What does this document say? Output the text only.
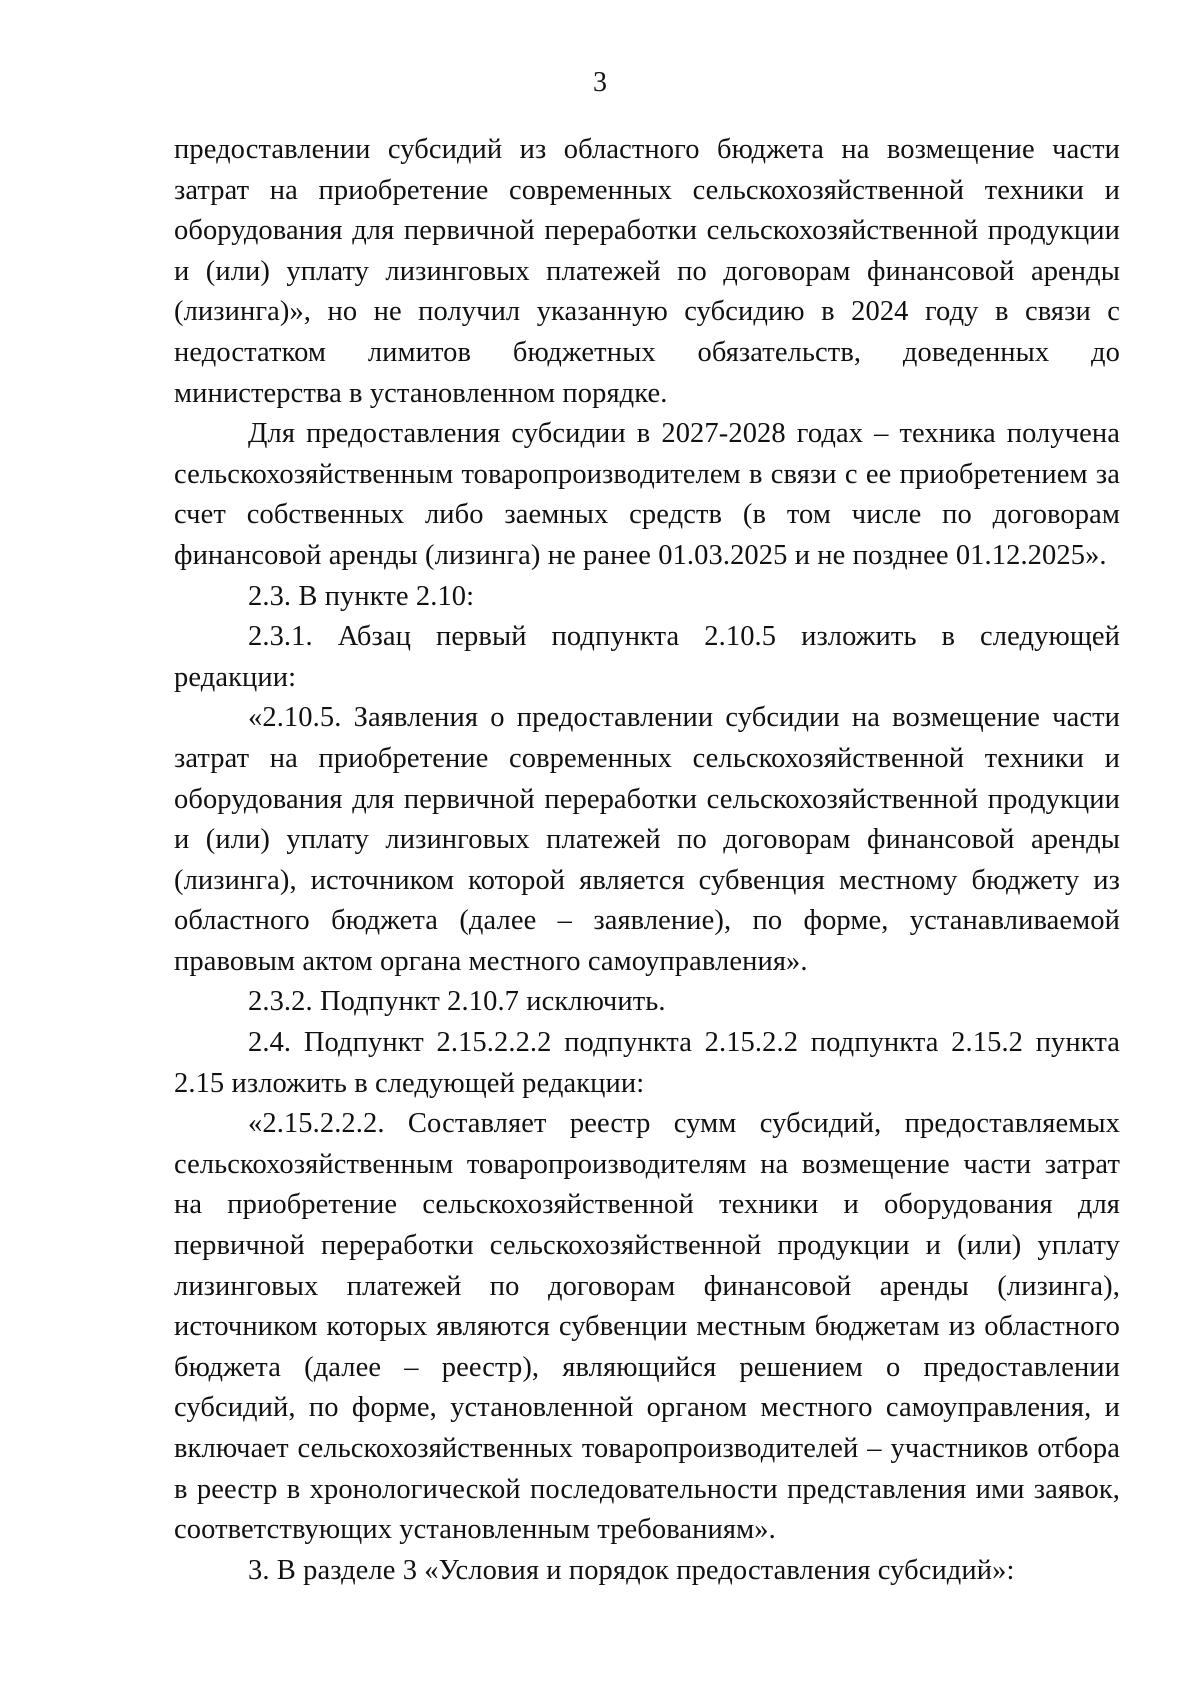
3

предоставлении субсидий из областного бюджета на возмещение части затрат на приобретение современных сельскохозяйственной техники и оборудования для первичной переработки сельскохозяйственной продукции и (или) уплату лизинговых платежей по договорам финансовой аренды (лизинга)», но не получил указанную субсидию в 2024 году в связи с недостатком лимитов бюджетных обязательств, доведенных до министерства в установленном порядке.

Для предоставления субсидии в 2027-2028 годах – техника получена сельскохозяйственным товаропроизводителем в связи с ее приобретением за счет собственных либо заемных средств (в том числе по договорам финансовой аренды (лизинга) не ранее 01.03.2025 и не позднее 01.12.2025».

2.3. В пункте 2.10:

2.3.1. Абзац первый подпункта 2.10.5 изложить в следующей редакции:

«2.10.5. Заявления о предоставлении субсидии на возмещение части затрат на приобретение современных сельскохозяйственной техники и оборудования для первичной переработки сельскохозяйственной продукции и (или) уплату лизинговых платежей по договорам финансовой аренды (лизинга), источником которой является субвенция местному бюджету из областного бюджета (далее – заявление), по форме, устанавливаемой правовым актом органа местного самоуправления».

2.3.2. Подпункт 2.10.7 исключить.

2.4. Подпункт 2.15.2.2.2 подпункта 2.15.2.2 подпункта 2.15.2 пункта 2.15 изложить в следующей редакции:

«2.15.2.2.2. Составляет реестр сумм субсидий, предоставляемых сельскохозяйственным товаропроизводителям на возмещение части затрат на приобретение сельскохозяйственной техники и оборудования для первичной переработки сельскохозяйственной продукции и (или) уплату лизинговых платежей по договорам финансовой аренды (лизинга), источником которых являются субвенции местным бюджетам из областного бюджета (далее – реестр), являющийся решением о предоставлении субсидий, по форме, установленной органом местного самоуправления, и включает сельскохозяйственных товаропроизводителей – участников отбора в реестр в хронологической последовательности представления ими заявок, соответствующих установленным требованиям».

3. В разделе 3 «Условия и порядок предоставления субсидий»:
